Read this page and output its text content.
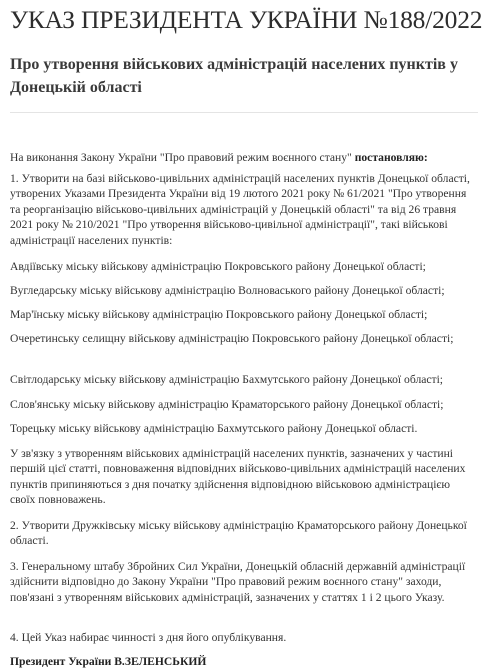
УКАЗ ПРЕЗИДЕНТА УКРАЇНИ №188/2022
Про утворення військових адміністрацій населених пунктів у Донецькій області

На виконання Закону України "Про правовий режим воєнного стану" постановляю:

1. Утворити на базі військово-цивільних адміністрацій населених пунктів Донецької області, утворених Указами Президента України від 19 лютого 2021 року № 61/2021 "Про утворення та реорганізацію військово-цивільних адміністрацій у Донецькій області" та від 26 травня 2021 року № 210/2021 "Про утворення військово-цивільної адміністрації", такі військові адміністрації населених пунктів:

Авдіївську міську військову адміністрацію Покровського району Донецької області;

Вугледарську міську військову адміністрацію Волноваського району Донецької області;

Мар'їнську міську військову адміністрацію Покровського району Донецької області;

Очеретинську селищну військову адміністрацію Покровського району Донецької області;

Світлодарську міську військову адміністрацію Бахмутського району Донецької області;

Слов'янську міську військову адміністрацію Краматорського району Донецької області;

Торецьку міську військову адміністрацію Бахмутського району Донецької області.

У зв'язку з утворенням військових адміністрацій населених пунктів, зазначених у частині першій цієї статті, повноваження відповідних військово-цивільних адміністрацій населених пунктів припиняються з дня початку здійснення відповідною військовою адміністрацією своїх повноважень.

2. Утворити Дружківську міську військову адміністрацію Краматорського району Донецької області.

3. Генеральному штабу Збройних Сил України, Донецькій обласній державній адміністрації здійснити відповідно до Закону України "Про правовий режим воєнного стану" заходи, пов'язані з утворенням військових адміністрацій, зазначених у статтях 1 і 2 цього Указу.

4. Цей Указ набирає чинності з дня його опублікування.

Президент України В.ЗЕЛЕНСЬКИЙ
